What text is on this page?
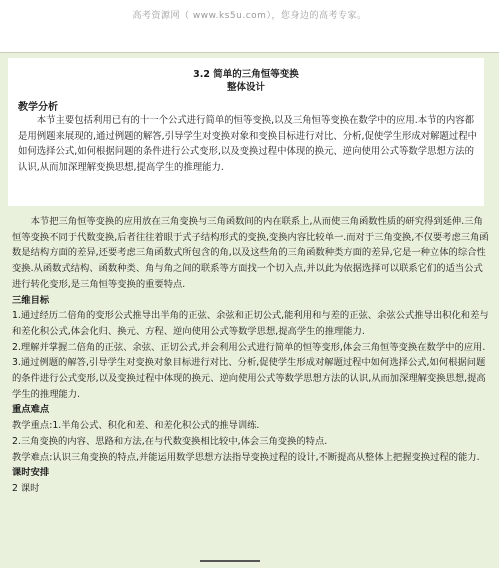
高考资源网（ www.ks5u.com），您身边的高考专家。
3.2 简单的三角恒等变换
整体设计
教学分析
本节主要包括利用已有的十一个公式进行简单的恒等变换,以及三角恒等变换在数学中的应用.本节的内容都是用例题来展现的,通过例题的解答,引导学生对变换对象和变换目标进行对比、分析,促使学生形成对解题过程中如何选择公式,如何根据问题的条件进行公式变形,以及变换过程中体现的换元、逆向使用公式等数学思想方法的认识,从而加深理解变换思想,提高学生的推理能力.

本节把三角恒等变换的应用放在三角变换与三角函数间的内在联系上,从而使三角函数性质的研究得到延伸.三角恒等变换不同于代数变换,后者往往着眼于式子结构形式的变换,变换内容比较单一.而对于三角变换,不仅要考虑三角函数是结构方面的差异,还要考虑三角函数式所包含的角,以及这些角的三角函数种类方面的差异,它是一种立体的综合性变换.从函数式结构、函数种类、角与角之间的联系等方面找一个切入点,并以此为依据选择可以联系它们的适当公式进行转化变形,是三角恒等变换的重要特点.

三维目标

1.通过经历二倍角的变形公式推导出半角的正弦、余弦和正切公式,能利用和与差的正弦、余弦公式推导出积化和差与和差化积公式,体会化归、换元、方程、逆向使用公式等数学思想,提高学生的推理能力.

2.理解并掌握二倍角的正弦、余弦、正切公式,并会利用公式进行简单的恒等变形,体会三角恒等变换在数学中的应用.

3.通过例题的解答,引导学生对变换对象目标进行对比、分析,促使学生形成对解题过程中如何选择公式,如何根据问题的条件进行公式变形,以及变换过程中体现的换元、逆向使用公式等数学思想方法的认识,从而加深理解变换思想,提高学生的推理能力.

重点难点

教学重点:1.半角公式、积化和差、和差化积公式的推导训练.

2.三角变换的内容、思路和方法,在与代数变换相比较中,体会三角变换的特点.

教学难点:认识三角变换的特点,并能运用数学思想方法指导变换过程的设计,不断提高从整体上把握变换过程的能力.

课时安排

2 课时
